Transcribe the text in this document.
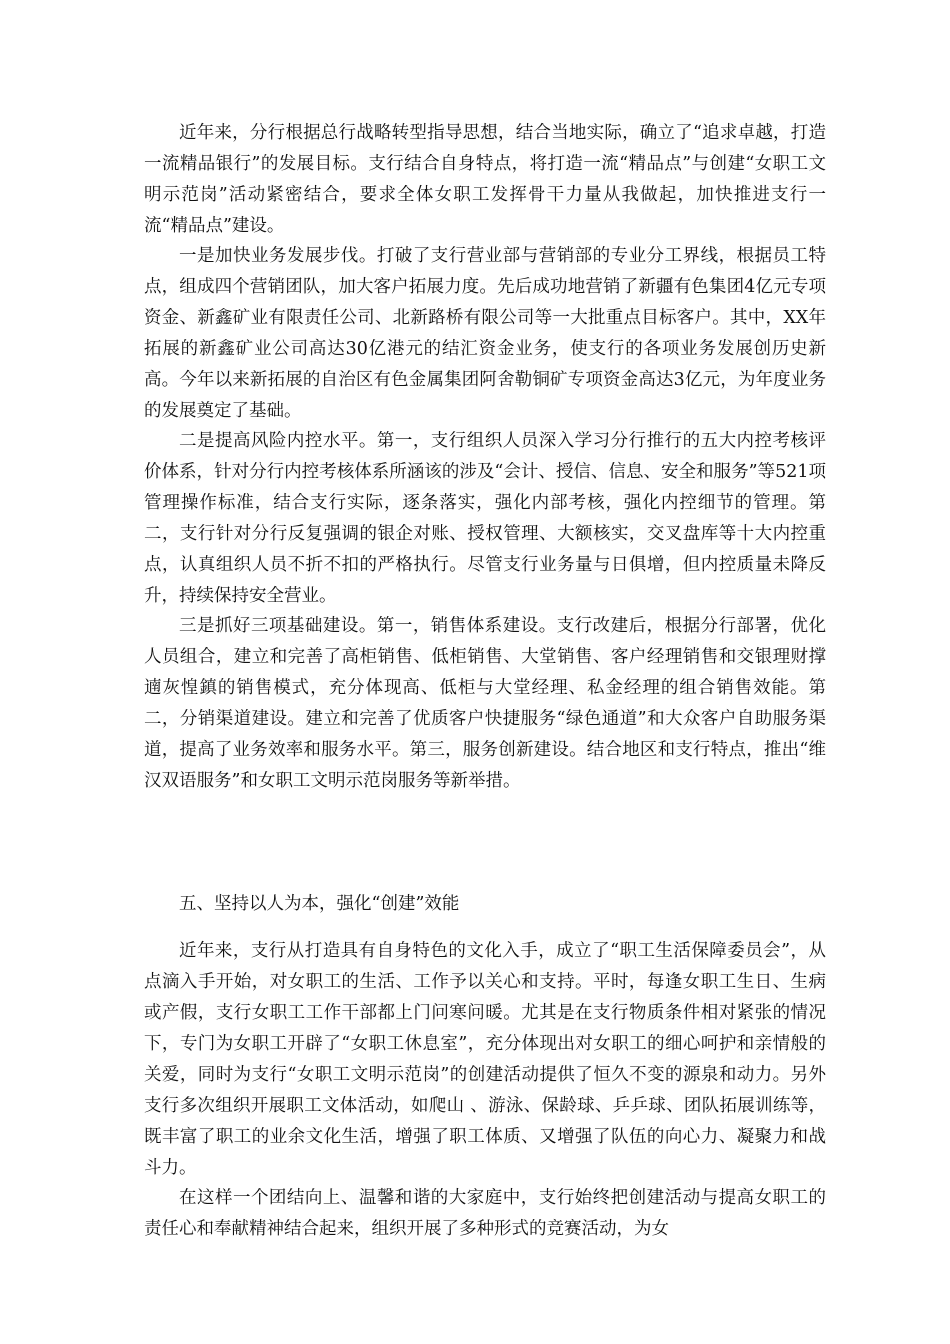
近年来，分行根据总行战略转型指导思想，结合当地实际，确立了“追求卓越，打造一流精品银行”的发展目标。支行结合自身特点，将打造一流“精品点”与创建“女职工文明示范岗”活动紧密结合，要求全体女职工发挥骨干力量从我做起，加快推进支行一流“精品点”建设。

一是加快业务发展步伐。打破了支行营业部与营销部的专业分工界线，根据员工特点，组成四个营销团队，加大客户拓展力度。先后成功地营销了新疆有色集团4亿元专项资金、新鑫矿业有限责任公司、北新路桥有限公司等一大批重点目标客户。其中，XX年拓展的新鑫矿业公司高达30亿港元的结汇资金业务，使支行的各项业务发展创历史新高。今年以来新拓展的自治区有色金属集团阿舍勒铜矿专项资金高达3亿元，为年度业务的发展奠定了基础。

二是提高风险内控水平。第一，支行组织人员深入学习分行推行的五大内控考核评价体系，针对分行内控考核体系所涵该的涉及“会计、授信、信息、安全和服务”等521项管理操作标准，结合支行实际，逐条落实，强化内部考核，强化内控细节的管理。第二，支行针对分行反复强调的银企对账、授权管理、大额核实，交叉盘库等十大内控重点，认真组织人员不折不扣的严格执行。尽管支行业务量与日俱增，但内控质量未降反升，持续保持安全营业。

三是抓好三项基础建设。第一，销售体系建设。支行改建后，根据分行部署，优化人员组合，建立和完善了高柜销售、低柜销售、大堂销售、客户经理销售和交银理财撑遖灰惶鎮的销售模式，充分体现高、低柜与大堂经理、私金经理的组合销售效能。第二，分销渠道建设。建立和完善了优质客户快捷服务“绿色通道”和大众客户自助服务渠道，提高了业务效率和服务水平。第三，服务创新建设。结合地区和支行特点，推出“维汉双语服务”和女职工文明示范岗服务等新举措。

五、坚持以人为本，强化“创建”效能

近年来，支行从打造具有自身特色的文化入手，成立了“职工生活保障委员会”，从点滴入手开始，对女职工的生活、工作予以关心和支持。平时，每逢女职工生日、生病或产假，支行女职工工作干部都上门问寒问暖。尤其是在支行物质条件相对紧张的情况下，专门为女职工开辟了“女职工休息室”，充分体现出对女职工的细心呵护和亲情般的关爱，同时为支行“女职工文明示范岗”的创建活动提供了恒久不变的源泉和动力。另外支行多次组织开展职工文体活动，如爬山 、游泳、保龄球、乒乒球、团队拓展训练等，既丰富了职工的业余文化生活，增强了职工体质、又增强了队伍的向心力、凝聚力和战斗力。

在这样一个团结向上、温馨和谐的大家庭中，支行始终把创建活动与提高女职工的责任心和奉献精神结合起来，组织开展了多种形式的竞赛活动，为女
